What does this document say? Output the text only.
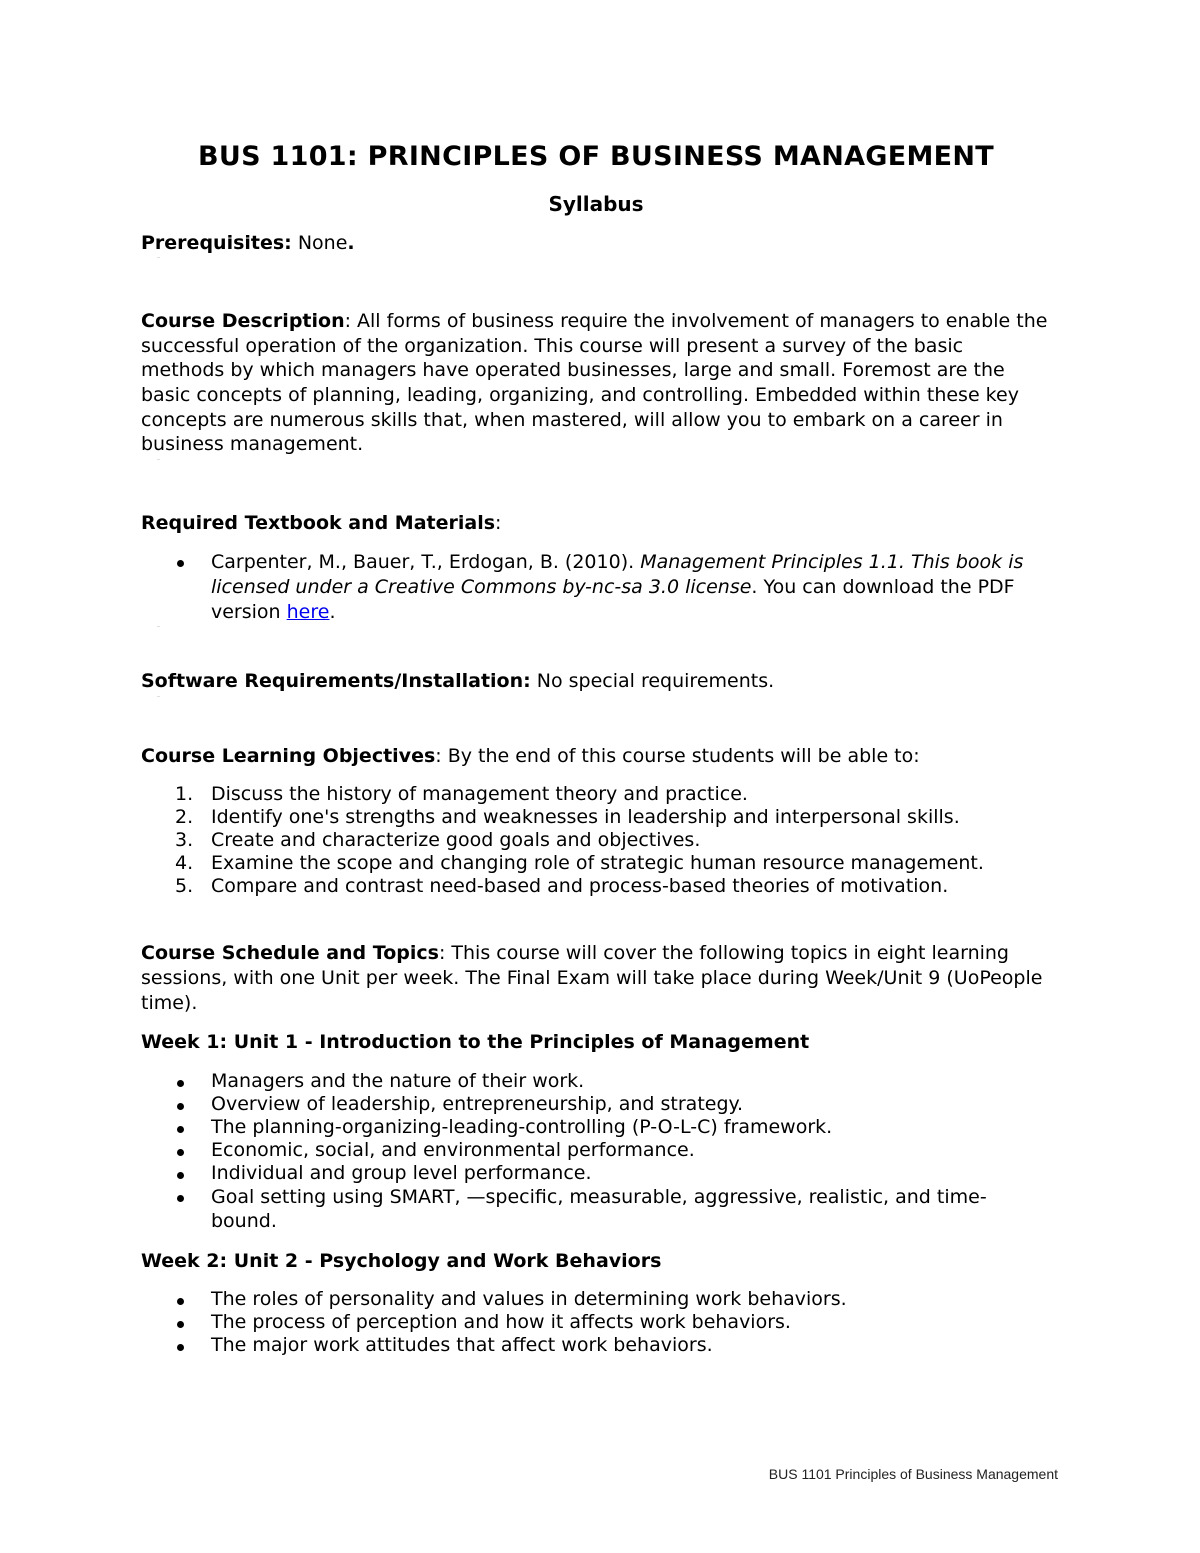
BUS 1101: PRINCIPLES OF BUSINESS MANAGEMENT
Syllabus

Prerequisites: None.

Course Description: All forms of business require the involvement of managers to enable the successful operation of the organization. This course will present a survey of the basic methods by which managers have operated businesses, large and small. Foremost are the basic concepts of planning, leading, organizing, and controlling. Embedded within these key concepts are numerous skills that, when mastered, will allow you to embark on a career in business management.

Required Textbook and Materials:

Carpenter, M., Bauer, T., Erdogan, B. (2010). Management Principles 1.1. This book is licensed under a Creative Commons by-nc-sa 3.0 license. You can download the PDF version here.

Software Requirements/Installation: No special requirements.

Course Learning Objectives: By the end of this course students will be able to:

1. Discuss the history of management theory and practice.
2. Identify one's strengths and weaknesses in leadership and interpersonal skills.
3. Create and characterize good goals and objectives.
4. Examine the scope and changing role of strategic human resource management.
5. Compare and contrast need-based and process-based theories of motivation.

Course Schedule and Topics: This course will cover the following topics in eight learning sessions, with one Unit per week. The Final Exam will take place during Week/Unit 9 (UoPeople time).

Week 1: Unit 1 - Introduction to the Principles of Management

Managers and the nature of their work.
Overview of leadership, entrepreneurship, and strategy.
The planning-organizing-leading-controlling (P-O-L-C) framework.
Economic, social, and environmental performance.
Individual and group level performance.
Goal setting using SMART, —specific, measurable, aggressive, realistic, and time-bound.

Week 2: Unit 2 - Psychology and Work Behaviors

The roles of personality and values in determining work behaviors.
The process of perception and how it affects work behaviors.
The major work attitudes that affect work behaviors.
BUS 1101 Principles of Business Management
